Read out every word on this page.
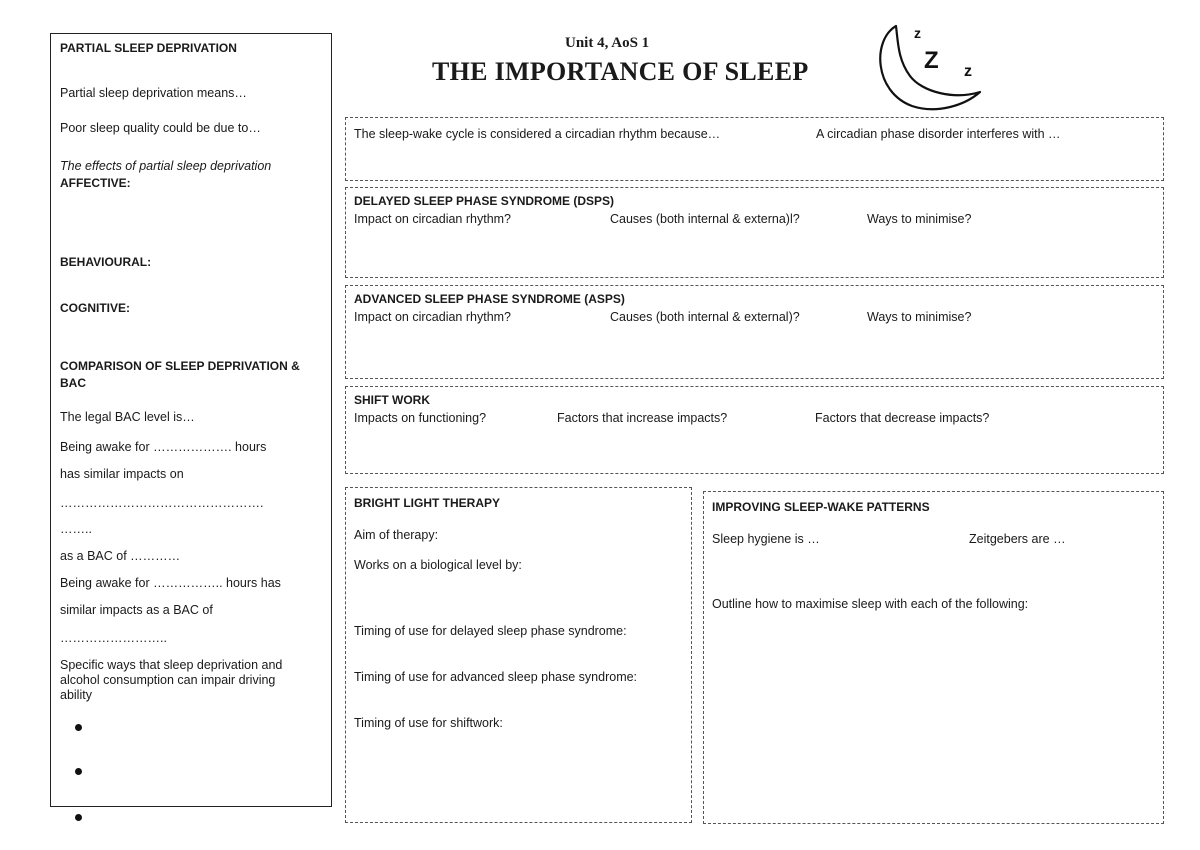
Unit 4, AoS 1
THE IMPORTANCE OF SLEEP
z
Z z
PARTIAL SLEEP DEPRIVATION
Partial sleep deprivation means…
Poor sleep quality could be due to…
The effects of partial sleep deprivation
AFFECTIVE:
BEHAVIOURAL:
COGNITIVE:
COMPARISON OF SLEEP DEPRIVATION &
BAC
The legal BAC level is…
Being awake for ………………. hours
has similar impacts on
………………………………………….
……..
as a BAC of …………
Being awake for …………….. hours has
similar impacts as a BAC of
……………………..
Specific ways that sleep deprivation and
alcohol consumption can impair driving
ability
The sleep-wake cycle is considered a circadian rhythm because…	A circadian phase disorder interferes with …
DELAYED SLEEP PHASE SYNDROME (DSPS)
Impact on circadian rhythm?	Causes (both internal & externa)l?	Ways to minimise?
ADVANCED SLEEP PHASE SYNDROME (ASPS)
Impact on circadian rhythm?	Causes (both internal & external)?	Ways to minimise?
SHIFT WORK
Impacts on functioning?	Factors that increase impacts?	Factors that decrease impacts?
BRIGHT LIGHT THERAPY
Aim of therapy:
Works on a biological level by:
Timing of use for delayed sleep phase syndrome:
Timing of use for advanced sleep phase syndrome:
Timing of use for shiftwork:
IMPROVING SLEEP-WAKE PATTERNS
Sleep hygiene is …	Zeitgebers are …
Outline how to maximise sleep with each of the following:
